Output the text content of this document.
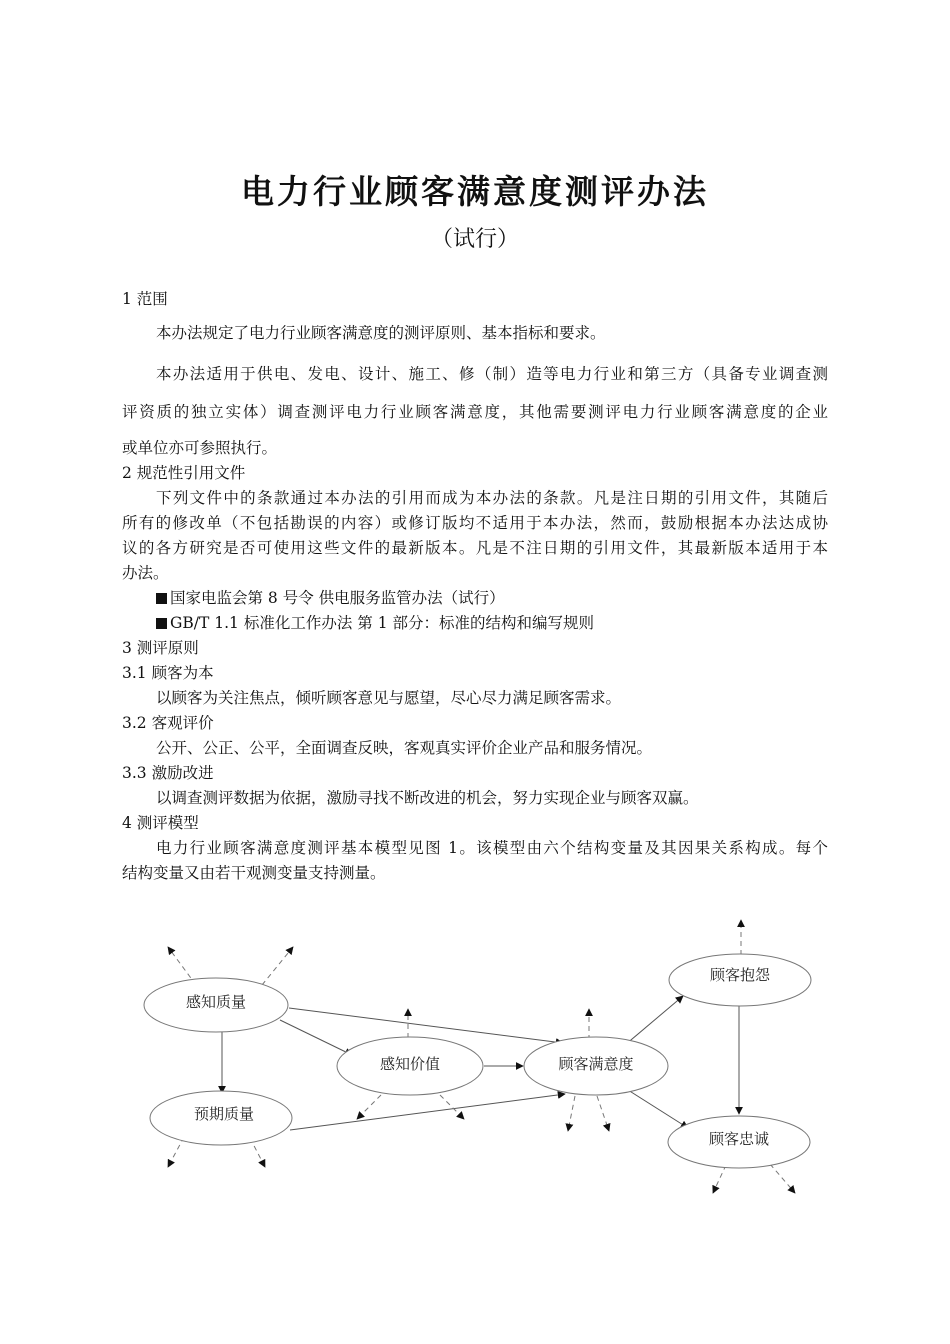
电力行业顾客满意度测评办法
（试行）
1 范围
本办法规定了电力行业顾客满意度的测评原则、基本指标和要求。
本办法适用于供电、发电、设计、施工、修（制）造等电力行业和第三方（具备专业调查测
评资质的独立实体）调查测评电力行业顾客满意度，其他需要测评电力行业顾客满意度的企业
或单位亦可参照执行。
2 规范性引用文件
下列文件中的条款通过本办法的引用而成为本办法的条款。凡是注日期的引用文件，其随后
所有的修改单（不包括勘误的内容）或修订版均不适用于本办法，然而，鼓励根据本办法达成协
议的各方研究是否可使用这些文件的最新版本。凡是不注日期的引用文件，其最新版本适用于本
办法。
国家电监会第 8 号令 供电服务监管办法（试行）
GB/T 1.1 标准化工作办法 第 1 部分：标准的结构和编写规则
3 测评原则
3.1 顾客为本
以顾客为关注焦点，倾听顾客意见与愿望，尽心尽力满足顾客需求。
3.2 客观评价
公开、公正、公平，全面调查反映，客观真实评价企业产品和服务情况。
3.3 激励改进
以调查测评数据为依据，激励寻找不断改进的机会，努力实现企业与顾客双赢。
4 测评模型
电力行业顾客满意度测评基本模型见图 1。该模型由六个结构变量及其因果关系构成。每个
结构变量又由若干观测变量支持测量。
感知质量
预期质量
感知价值	顾客满意度
顾客抱怨
顾客忠诚
